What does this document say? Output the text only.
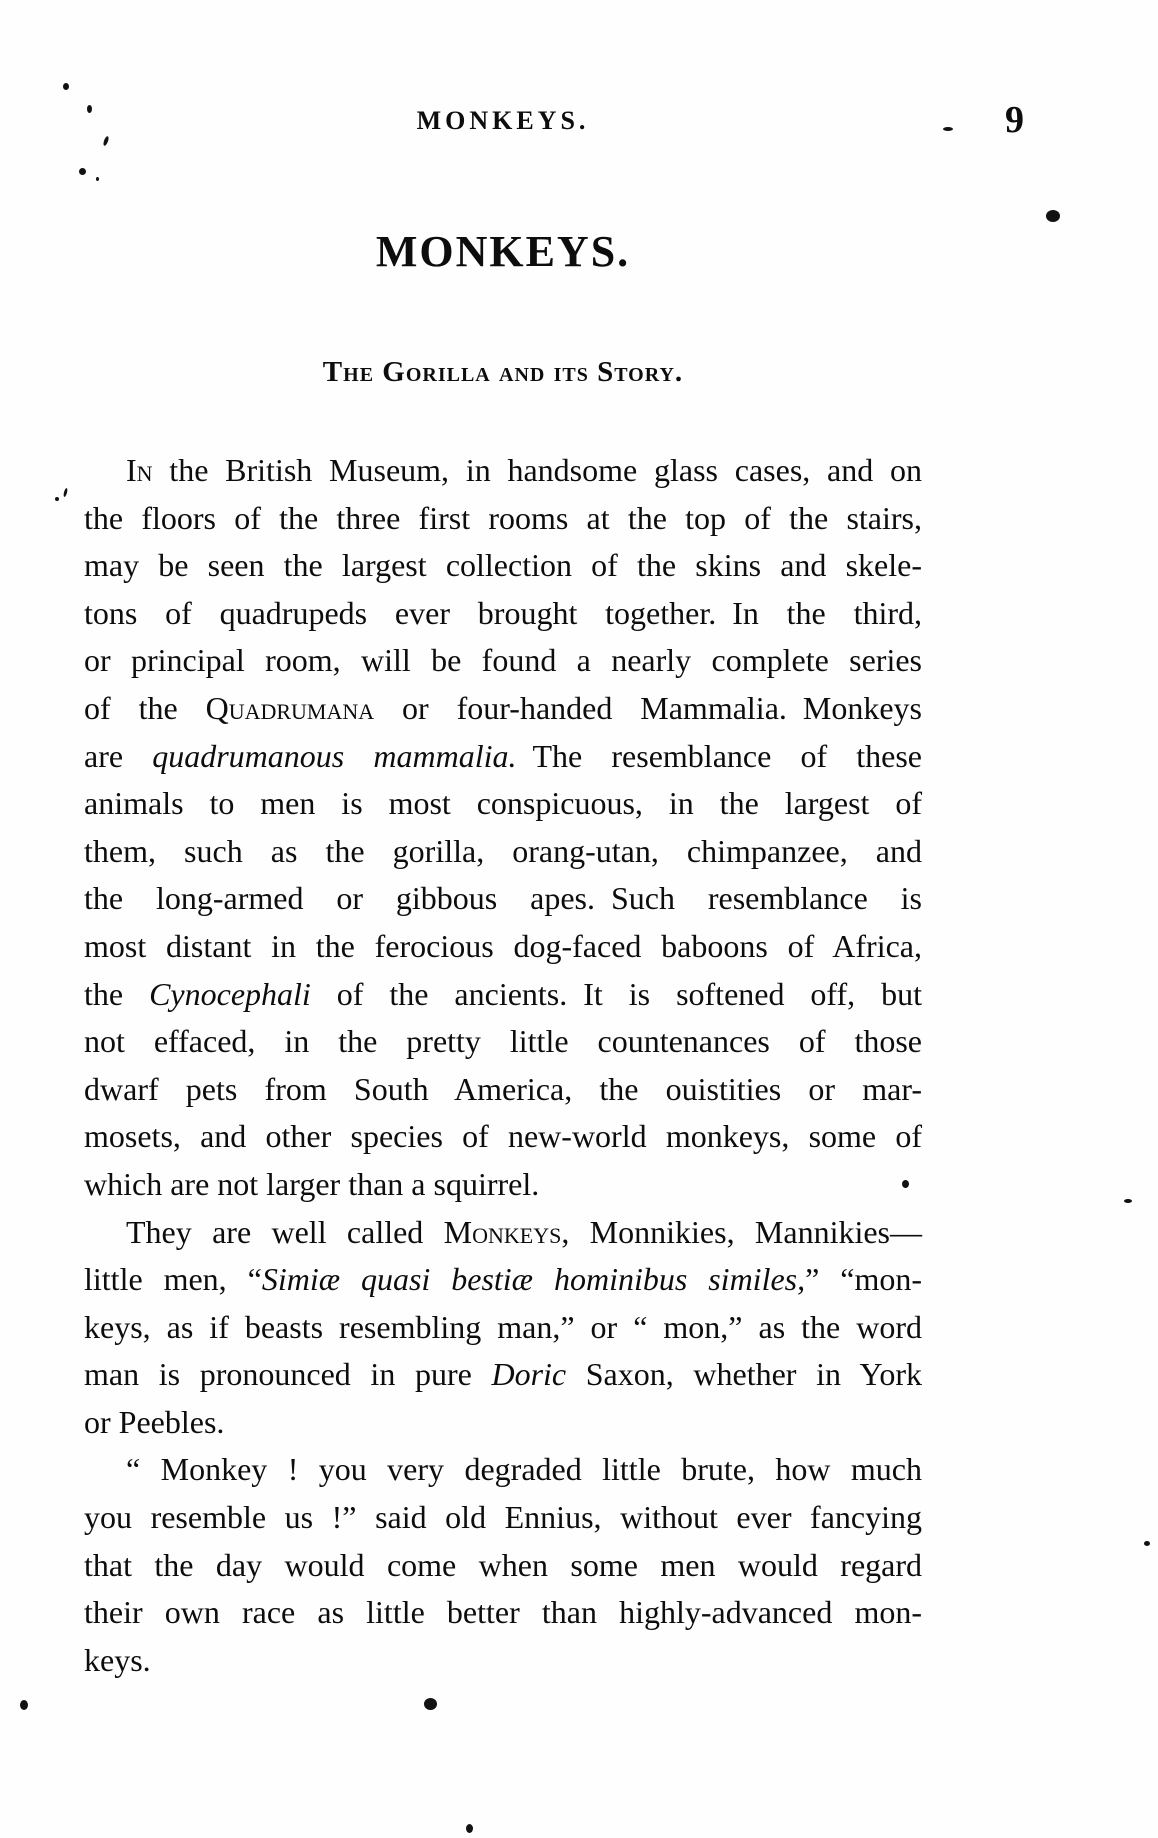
MONKEYS.	9
MONKEYS.
The Gorilla and its Story.
In the British Museum, in handsome glass cases, and on
the floors of the three first rooms at the top of the stairs,
may be seen the largest collection of the skins and skele-
tons of quadrupeds ever brought together. In the third,
or principal room, will be found a nearly complete series
of the Quadrumana or four-handed Mammalia. Monkeys
are quadrumanous mammalia. The resemblance of these
animals to men is most conspicuous, in the largest of
them, such as the gorilla, orang-utan, chimpanzee, and
the long-armed or gibbous apes. Such resemblance is
most distant in the ferocious dog-faced baboons of Africa,
the Cynocephali of the ancients. It is softened off, but
not effaced, in the pretty little countenances of those
dwarf pets from South America, the ouistities or mar-
mosets, and other species of new-world monkeys, some of
which are not larger than a squirrel.
They are well called Monkeys, Monnikies, Mannikies—
little men, “Simiæ quasi bestiæ hominibus similes,” “mon-
keys, as if beasts resembling man,” or “ mon,” as the word
man is pronounced in pure Doric Saxon, whether in York
or Peebles.
“ Monkey ! you very degraded little brute, how much
you resemble us !” said old Ennius, without ever fancying
that the day would come when some men would regard
their own race as little better than highly-advanced mon-
keys.
